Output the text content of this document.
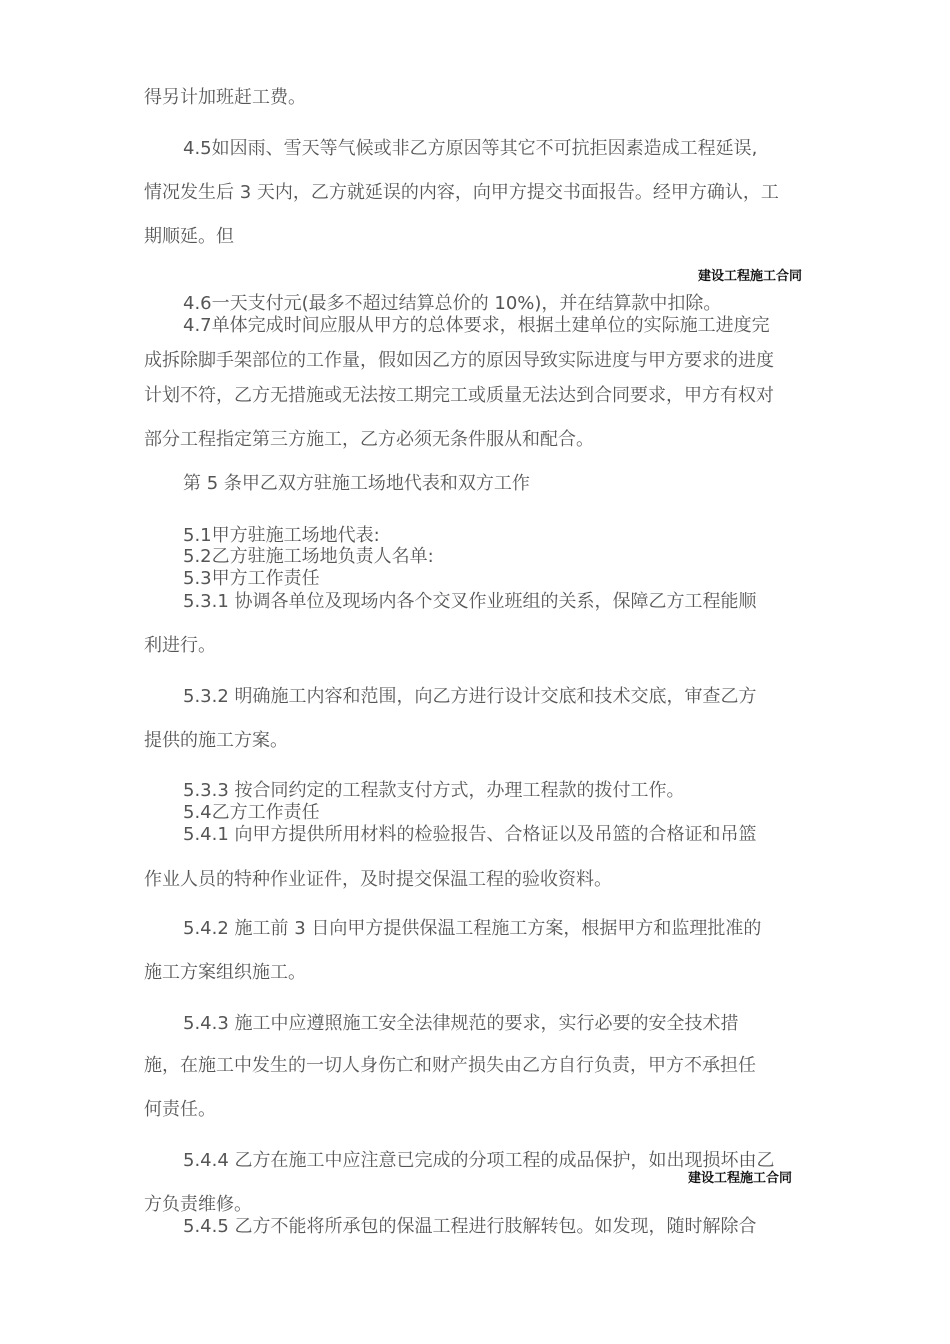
得另计加班赶工费。

4.5如因雨、雪天等气候或非乙方原因等其它不可抗拒因素造成工程延误,

情况发生后 3 天内，乙方就延误的内容，向甲方提交书面报告。经甲方确认，工

期顺延。但

建设工程施工合同

4.6一天支付元(最多不超过结算总价的 10%)，并在结算款中扣除。

4.7单体完成时间应服从甲方的总体要求，根据土建单位的实际施工进度完

成拆除脚手架部位的工作量，假如因乙方的原因导致实际进度与甲方要求的进度

计划不符，乙方无措施或无法按工期完工或质量无法达到合同要求，甲方有权对

部分工程指定第三方施工，乙方必须无条件服从和配合。

第 5 条甲乙双方驻施工场地代表和双方工作

5.1甲方驻施工场地代表:

5.2乙方驻施工场地负责人名单:

5.3甲方工作责任

5.3.1 协调各单位及现场内各个交叉作业班组的关系，保障乙方工程能顺

利进行。

5.3.2 明确施工内容和范围，向乙方进行设计交底和技术交底，审查乙方

提供的施工方案。

5.3.3 按合同约定的工程款支付方式，办理工程款的拨付工作。

5.4乙方工作责任

5.4.1 向甲方提供所用材料的检验报告、合格证以及吊篮的合格证和吊篮

作业人员的特种作业证件，及时提交保温工程的验收资料。

5.4.2 施工前 3 日向甲方提供保温工程施工方案，根据甲方和监理批准的

施工方案组织施工。

5.4.3 施工中应遵照施工安全法律规范的要求，实行必要的安全技术措

施，在施工中发生的一切人身伤亡和财产损失由乙方自行负责，甲方不承担任

何责任。

5.4.4 乙方在施工中应注意已完成的分项工程的成品保护，如出现损坏由乙

建设工程施工合同

方负责维修。

5.4.5 乙方不能将所承包的保温工程进行肢解转包。如发现，随时解除合
